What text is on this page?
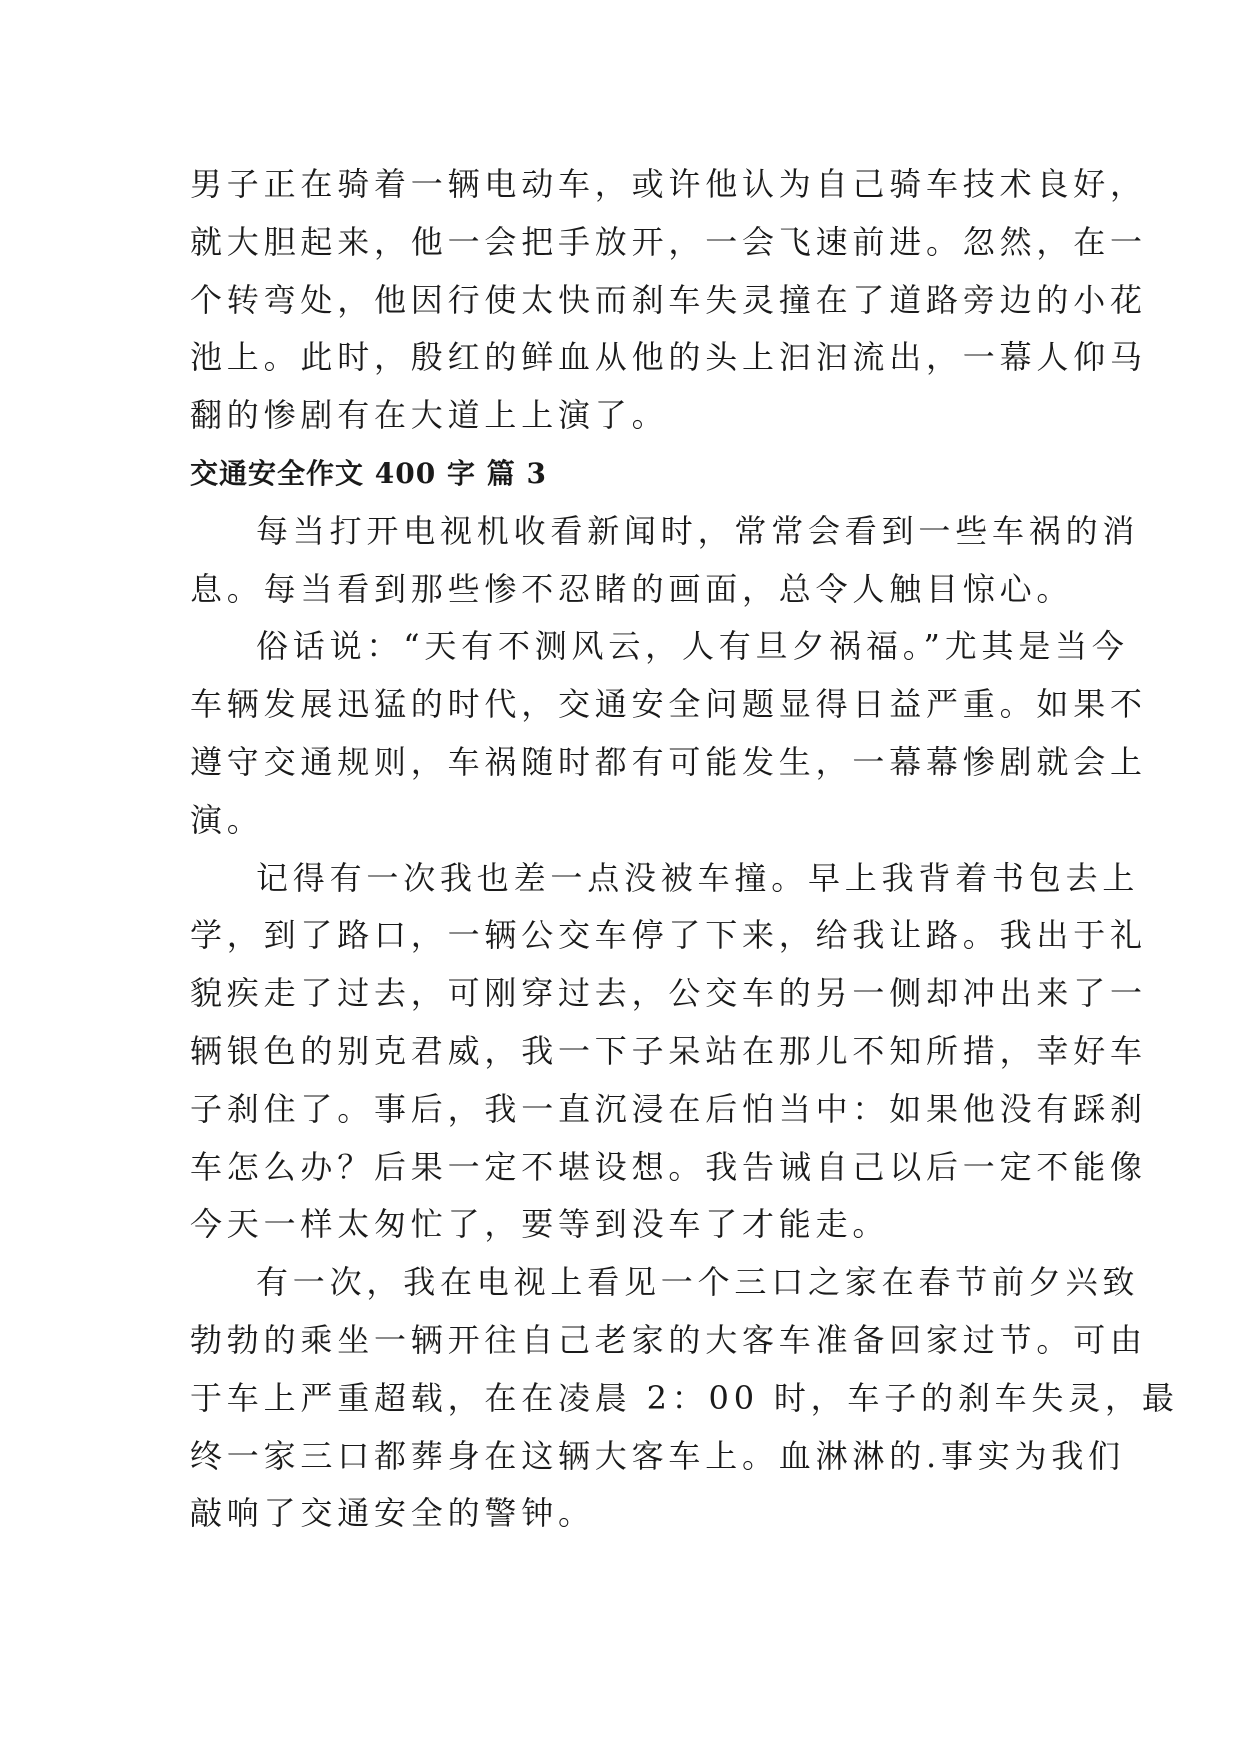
男子正在骑着一辆电动车，或许他认为自己骑车技术良好，
就大胆起来，他一会把手放开，一会飞速前进。忽然，在一
个转弯处，他因行使太快而刹车失灵撞在了道路旁边的小花
池上。此时，殷红的鲜血从他的头上汩汩流出，一幕人仰马
翻的惨剧有在大道上上演了。

交通安全作文 400 字 篇 3

每当打开电视机收看新闻时，常常会看到一些车祸的消
息。每当看到那些惨不忍睹的画面，总令人触目惊心。

俗话说：“天有不测风云，人有旦夕祸福。”尤其是当今
车辆发展迅猛的时代，交通安全问题显得日益严重。如果不
遵守交通规则，车祸随时都有可能发生，一幕幕惨剧就会上
演。

记得有一次我也差一点没被车撞。早上我背着书包去上
学，到了路口，一辆公交车停了下来，给我让路。我出于礼
貌疾走了过去，可刚穿过去，公交车的另一侧却冲出来了一
辆银色的别克君威，我一下子呆站在那儿不知所措，幸好车
子刹住了。事后，我一直沉浸在后怕当中：如果他没有踩刹
车怎么办？后果一定不堪设想。我告诫自己以后一定不能像
今天一样太匆忙了，要等到没车了才能走。

有一次，我在电视上看见一个三口之家在春节前夕兴致
勃勃的乘坐一辆开往自己老家的大客车准备回家过节。可由
于车上严重超载，在在凌晨 2：00 时，车子的刹车失灵，最
终一家三口都葬身在这辆大客车上。血淋淋的.事实为我们
敲响了交通安全的警钟。
